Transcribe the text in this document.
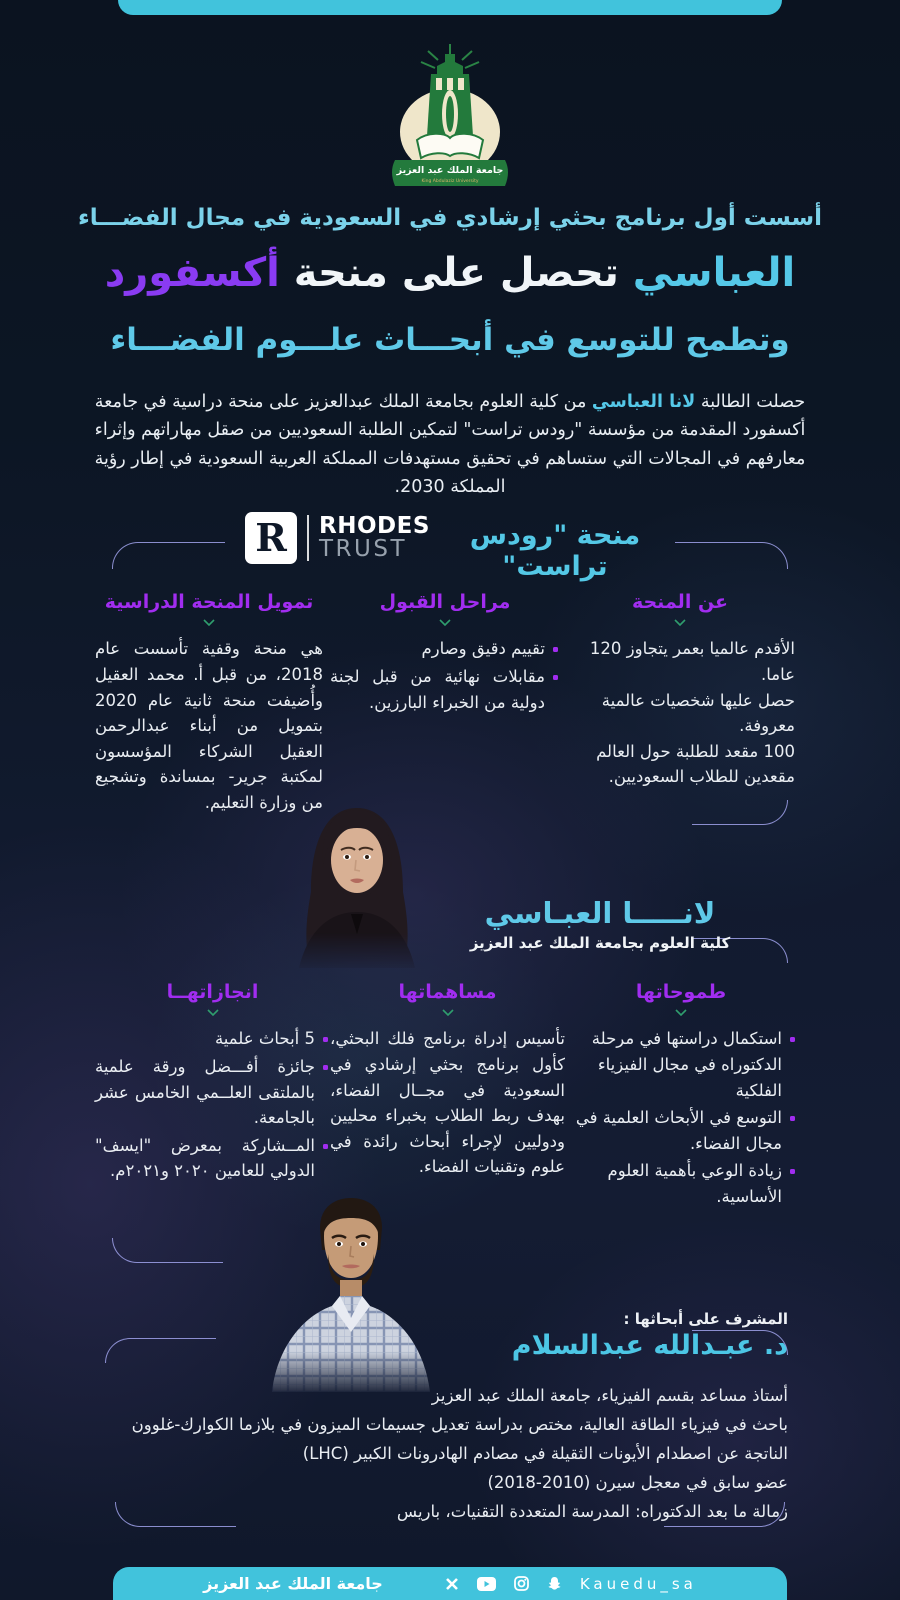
جامعة الملك عبد العزيز
King Abdulaziz University
أسست أول برنامج بحثي إرشادي في السعودية في مجال الفضـــاء
العباسي تحصل على منحة أكسفورد
وتطمح للتوسع في أبحـــاث علـــوم الفضـــاء
حصلت الطالبة لانا العباسي من كلية العلوم بجامعة الملك عبدالعزيز على منحة دراسية في جامعة أكسفورد المقدمة من مؤسسة "رودس تراست" لتمكين الطلبة السعوديين من صقل مهاراتهم وإثراء معارفهم في المجالات التي ستساهم في تحقيق مستهدفات المملكة العربية السعودية في إطار رؤية المملكة 2030.
منحة "رودس تراست"
R	RHODES
TRUST
عن المنحة
الأقدم عالميا بعمر يتجاوز 120 عاما.
حصل عليها شخصيات عالمية معروفة.
100 مقعد للطلبة حول العالم مقعدين للطلاب السعوديين.
مراحل القبول
تقييم دقيق وصارم
مقابلات نهائية من قبل لجنة دولية من الخبراء البارزين.
تمويل المنحة الدراسية
هي منحة وقفية تأسست عام 2018، من قبل أ. محمد العقيل وأُضيفت منحة ثانية عام 2020 بتمويل من أبناء عبدالرحمن العقيل الشركاء المؤسسون لمكتبة جرير- بمساندة وتشجيع من وزارة التعليم.
لانـــــا العبـاسي
كلية العلوم بجامعة الملك عبد العزيز
طموحاتها
استكمال دراستها في مرحلة الدكتوراه في مجال الفيزياء الفلكية
التوسع في الأبحاث العلمية في مجال الفضاء.
زيادة الوعي بأهمية العلوم الأساسية.
مساهماتها
تأسيس إدراة برنامج فلك البحثي، كأول برنامج بحثي إرشادي في السعودية في مجــال الفضاء، بهدف ربط الطلاب بخبراء محليين ودوليين لإجراء أبحاث رائدة في علوم وتقنيات الفضاء.
انجازاتهــا
5 أبحاث علمية
جائزة أفـــضل ورقة علمية بالملتقى العلــمي الخامس عشر بالجامعة.
المــشاركة بمعرض "ايسف" الدولي للعامين ٢٠٢٠ و٢٠٢١م.
المشرف على أبحاثها :
د. عبـدالله عبدالسلام
أستاذ مساعد بقسم الفيزياء، جامعة الملك عبد العزيز
باحث في فيزياء الطاقة العالية، مختص بدراسة تعديل جسيمات الميزون في بلازما الكوارك-غلوون
الناتجة عن اصطدام الأيونات الثقيلة في مصادم الهادرونات الكبير (LHC)
عضو سابق في معجل سيرن (2010-2018)
زمالة ما بعد الدكتوراه: المدرسة المتعددة التقنيات، باريس
جامعة الملك عبد العزيز	Kauedu_sa
